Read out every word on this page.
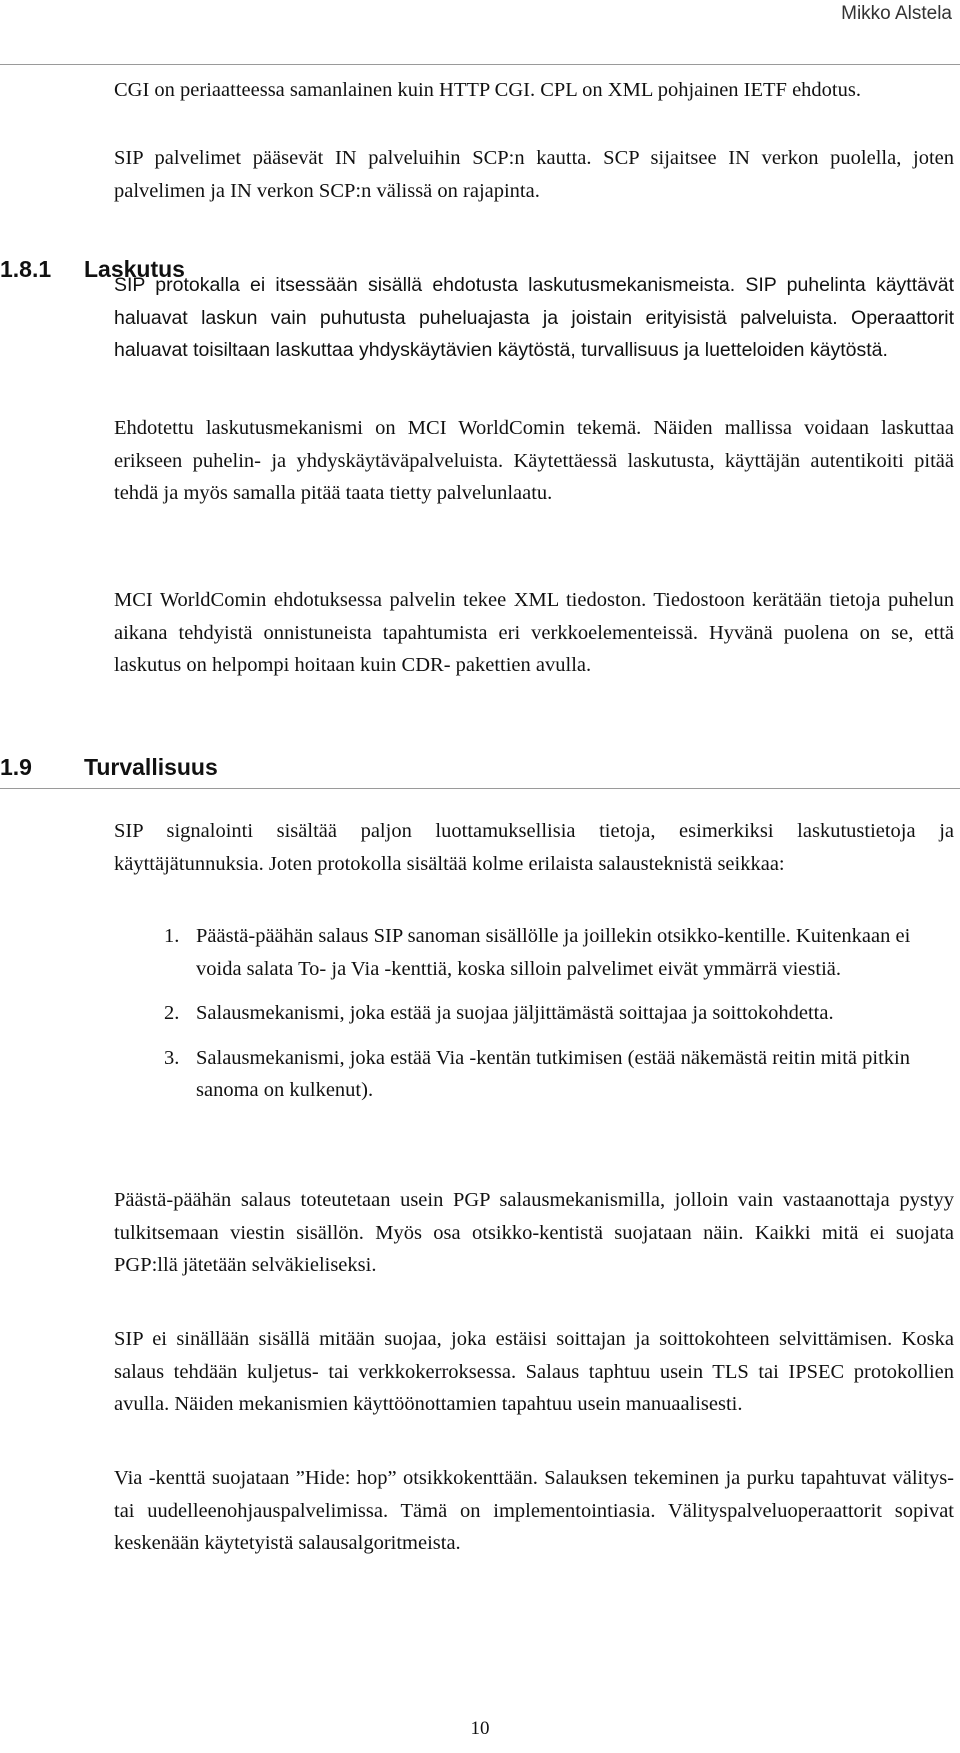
Mikko Alstela

CGI on periaatteessa samanlainen kuin HTTP CGI. CPL on XML pohjainen IETF ehdotus.

SIP palvelimet pääsevät IN palveluihin SCP:n kautta. SCP sijaitsee IN verkon puolella, joten palvelimen ja IN verkon SCP:n välissä on rajapinta.

1.8.1 Laskutus

SIP protokalla ei itsessään sisällä ehdotusta laskutusmekanismeista. SIP puhelinta käyttävät haluavat laskun vain puhutusta puheluajasta ja joistain erityisistä palveluista. Operaattorit haluavat toisiltaan laskuttaa yhdyskäytävien käytöstä, turvallisuus ja luetteloiden käytöstä.

Ehdotettu laskutusmekanismi on MCI WorldComin tekemä. Näiden mallissa voidaan laskuttaa erikseen puhelin- ja yhdyskäytäväpalveluista. Käytettäessä laskutusta, käyttäjän autentikoiti pitää tehdä ja myös samalla pitää taata tietty palvelunlaatu.

MCI WorldComin ehdotuksessa palvelin tekee XML tiedoston. Tiedostoon kerätään tietoja puhelun aikana tehdyistä onnistuneista tapahtumista eri verkkoelementeissä. Hyvänä puolena on se, että laskutus on helpompi hoitaan kuin CDR- pakettien avulla.

1.9 Turvallisuus

SIP signalointi sisältää paljon luottamuksellisia tietoja, esimerkiksi laskutustietoja ja käyttäjätunnuksia. Joten protokolla sisältää kolme erilaista salausteknistä seikkaa:

1. Päästä-päähän salaus SIP sanoman sisällölle ja joillekin otsikko-kentille. Kuitenkaan ei voida salata To- ja Via -kenttiä, koska silloin palvelimet eivät ymmärrä viestiä.
2. Salausmekanismi, joka estää ja suojaa jäljittämästä soittajaa ja soittokohdetta.
3. Salausmekanismi, joka estää Via -kentän tutkimisen (estää näkemästä reitin mitä pitkin sanoma on kulkenut).

Päästä-päähän salaus toteutetaan usein PGP salausmekanismilla, jolloin vain vastaanottaja pystyy tulkitsemaan viestin sisällön. Myös osa otsikko-kentistä suojataan näin. Kaikki mitä ei suojata PGP:llä jätetään selväkieliseksi.

SIP ei sinällään sisällä mitään suojaa, joka estäisi soittajan ja soittokohteen selvittämisen. Koska salaus tehdään kuljetus- tai verkkokerroksessa. Salaus taphtuu usein TLS tai IPSEC protokollien avulla. Näiden mekanismien käyttöönottamien tapahtuu usein manuaalisesti.

Via -kenttä suojataan ”Hide: hop” otsikkokenttään. Salauksen tekeminen ja purku tapahtuvat välitys- tai uudelleenohjauspalvelimissa. Tämä on implementointiasia. Välityspalveluoperaattorit sopivat keskenään käytetyistä salausalgoritmeista.

10
